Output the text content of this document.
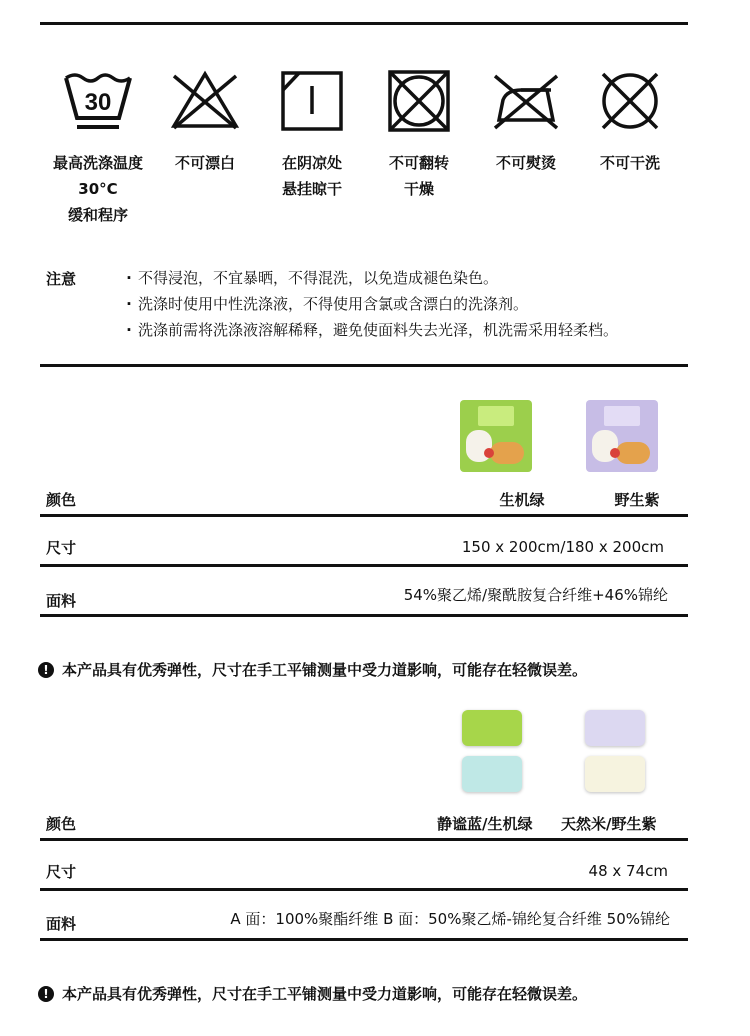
30
最高洗涤温度
30°C
缓和程序
不可漂白	在阴凉处
悬挂晾干
不可翻转
干燥
不可熨烫	不可干洗
注意
·	不得浸泡，不宜暴晒，不得混洗，以免造成褪色染色。
· 洗涤时使用中性洗涤液，不得使用含氯或含漂白的洗涤剂。
· 洗涤前需将洗涤液溶解稀释，避免使面料失去光泽，机洗需采用轻柔档。
颜色	生机绿	野生紫
尺寸	150 x 200cm/180 x 200cm
面料	54%聚乙烯/聚酰胺复合纤维+46%锦纶
! 本产品具有优秀弹性，尺寸在手工平铺测量中受力道影响，可能存在轻微误差。
颜色	静谧蓝/生机绿 天然米/野生紫
尺寸	48 x 74cm
面料	A 面：100%聚酯纤维 B 面：50%聚乙烯-锦纶复合纤维 50%锦纶
! 本产品具有优秀弹性，尺寸在手工平铺测量中受力道影响，可能存在轻微误差。
